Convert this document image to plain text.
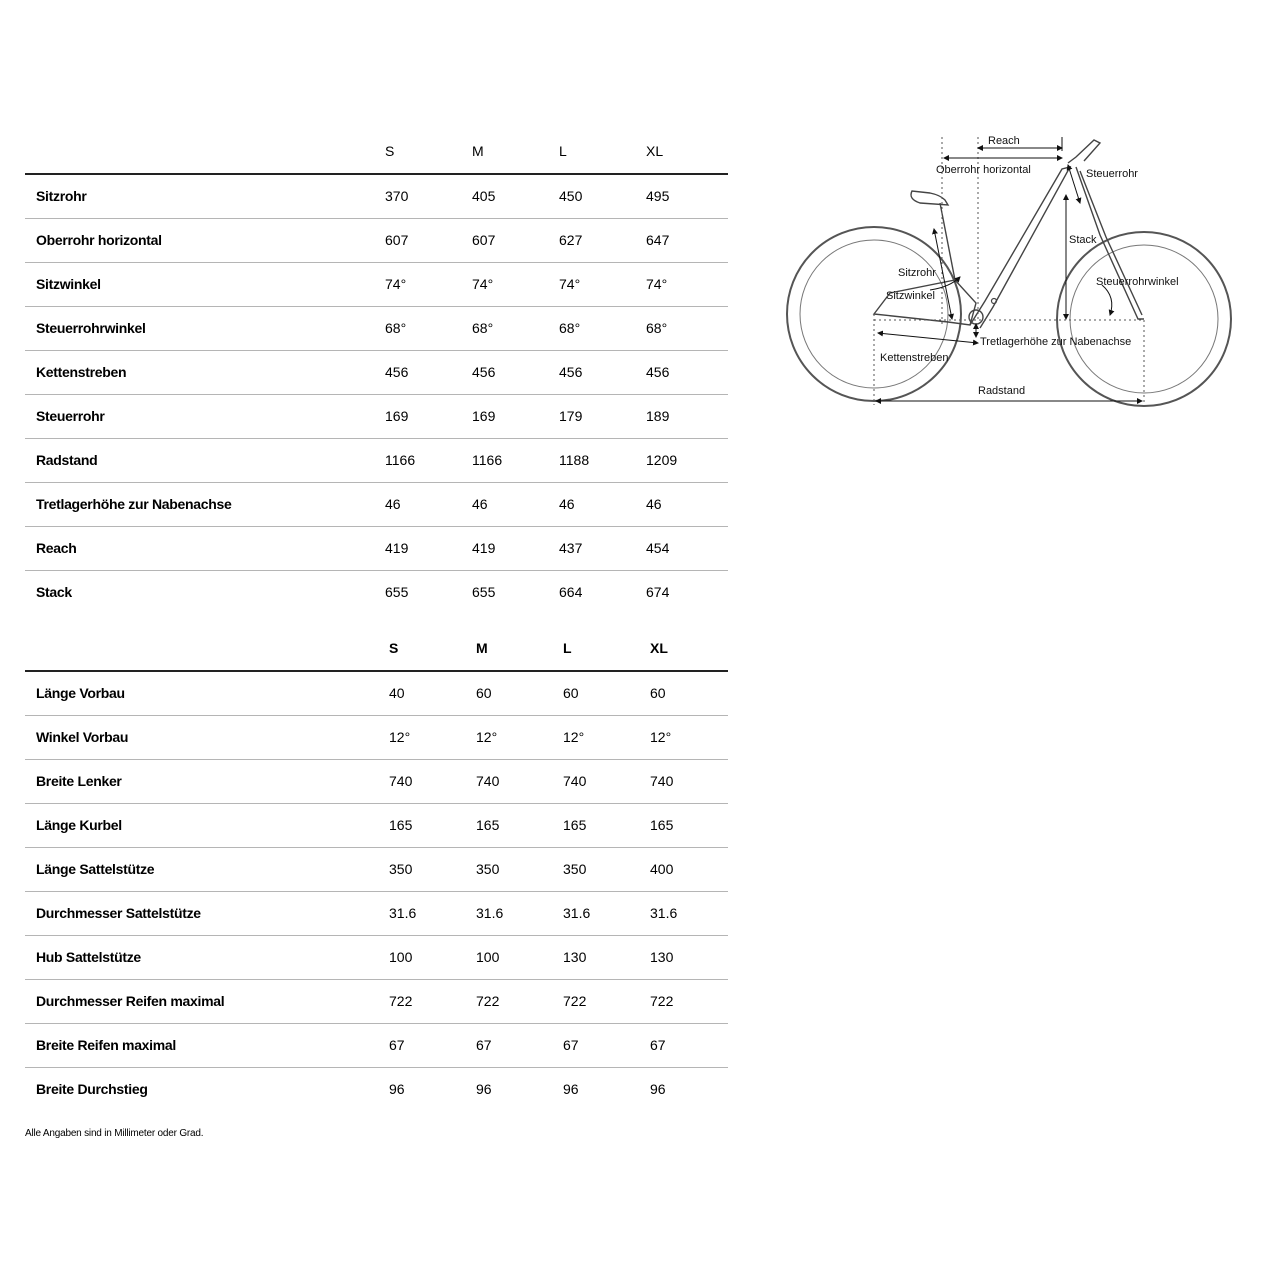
	S	M	L	XL
Sitzrohr	370	405	450	495
Oberrohr horizontal	607	607	627	647
Sitzwinkel	74°	74°	74°	74°
Steuerrohrwinkel	68°	68°	68°	68°
Kettenstreben	456	456	456	456
Steuerrohr	169	169	179	189
Radstand	1166	1166	1188	1209
Tretlagerhöhe zur Nabenachse	46	46	46	46
Reach	419	419	437	454
Stack	655	655	664	674
	S	M	L	XL
Länge Vorbau	40	60	60	60
Winkel Vorbau	12°	12°	12°	12°
Breite Lenker	740	740	740	740
Länge Kurbel	165	165	165	165
Länge Sattelstütze	350	350	350	400
Durchmesser Sattelstütze	31.6	31.6	31.6	31.6
Hub Sattelstütze	100	100	130	130
Durchmesser Reifen maximal	722	722	722	722
Breite Reifen maximal	67	67	67	67
Breite Durchstieg	96	96	96	96
Alle Angaben sind in Millimeter oder Grad.
Reach
Oberrohr horizontal	Steuerrohr
Stack
Sitzrohr
Sitzwinkel
Steuerrohrwinkel
Kettenstreben
Tretlagerhöhe zur Nabenachse
Radstand
